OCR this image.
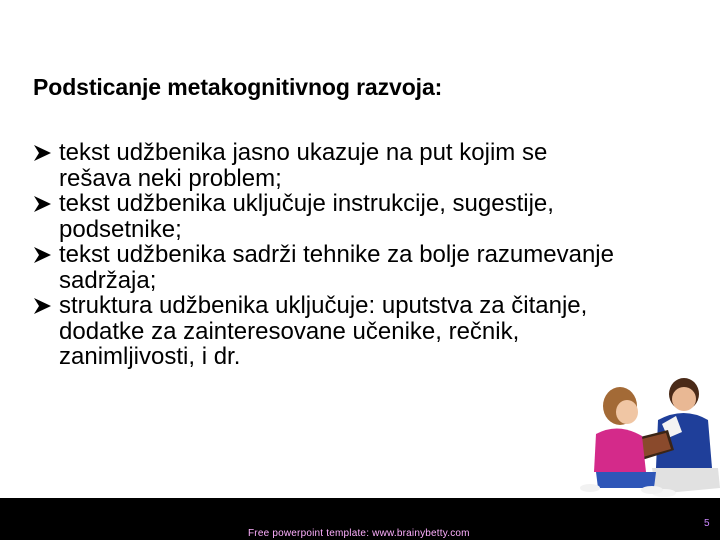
Podsticanje metakognitivnog razvoja:
tekst udžbenika jasno ukazuje na put kojim se rešava neki problem;
tekst udžbenika uključuje instrukcije, sugestije, podsetnike;
tekst udžbenika sadrži tehnike za bolje razumevanje sadržaja;
struktura udžbenika uključuje: uputstva za čitanje, dodatke za zainteresovane učenike, rečnik, zanimljivosti, i dr.
Free powerpoint template: www.brainybetty.com
5
